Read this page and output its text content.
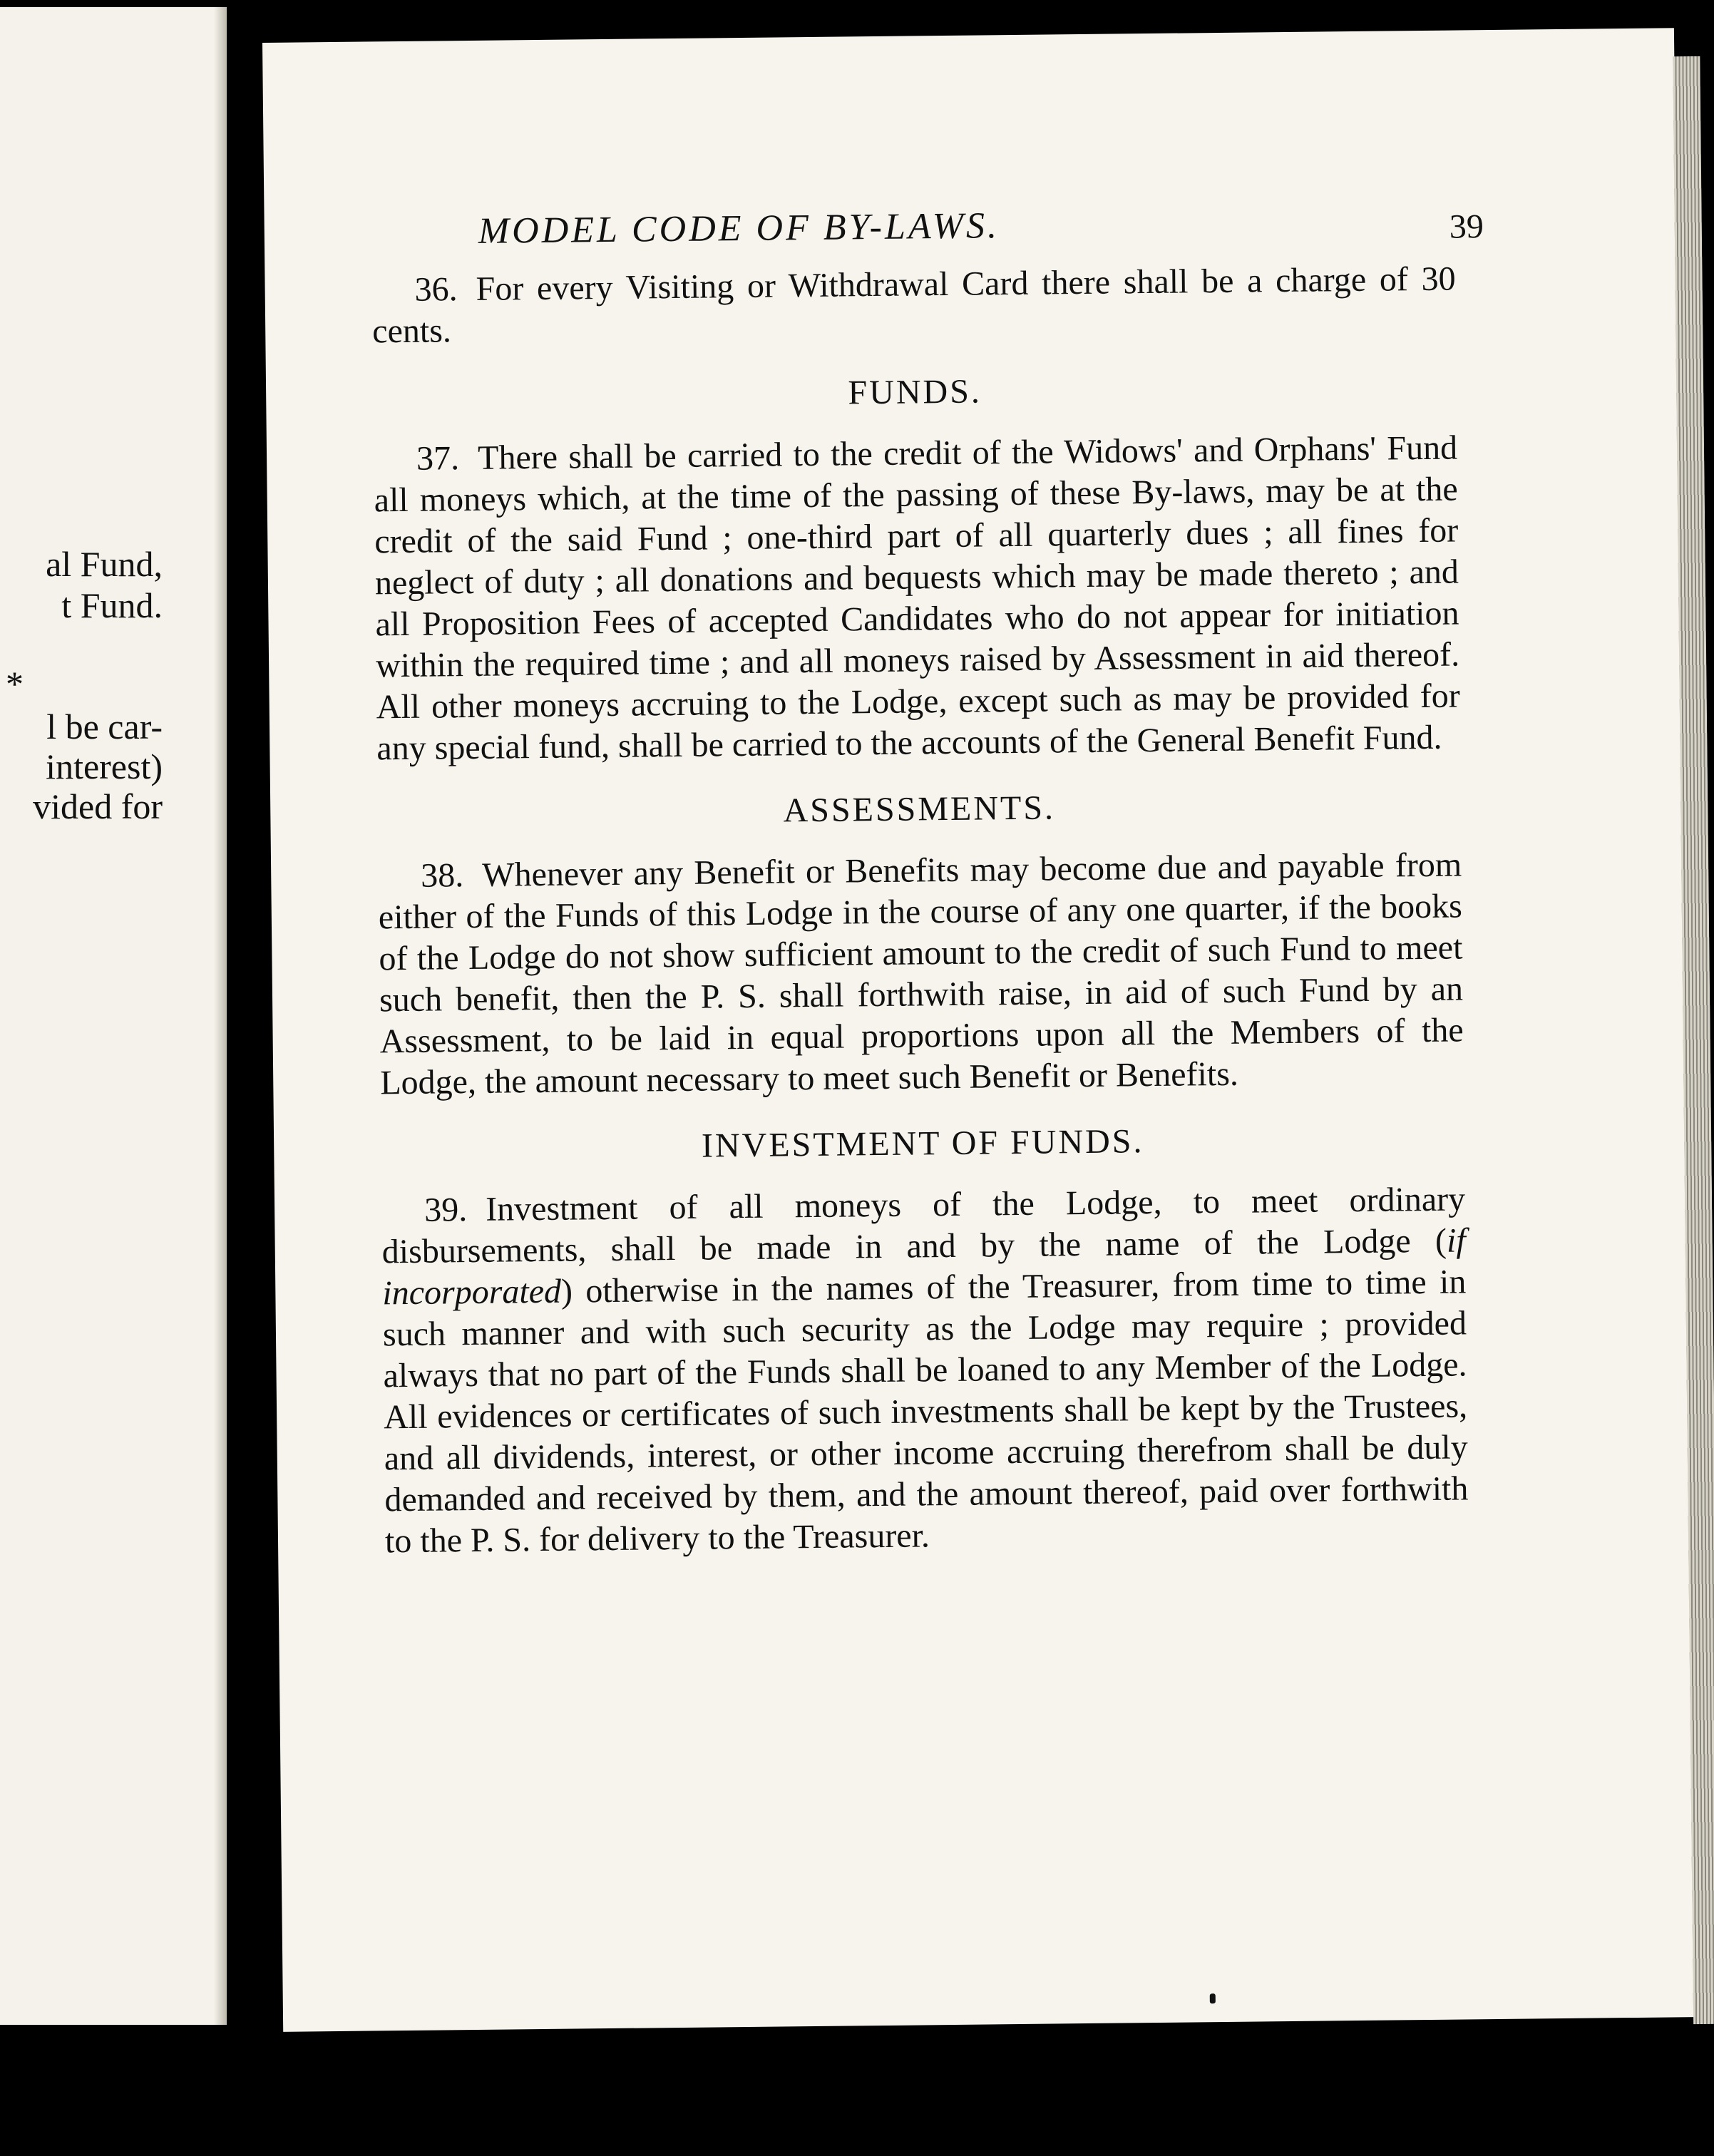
al Fund,
t Fund.
*
l be car-
interest)
vided for
MODEL CODE OF BY-LAWS.	39

36. For every Visiting or Withdrawal Card there shall be a charge of 30 cents.

FUNDS.

37. There shall be carried to the credit of the Widows' and Orphans' Fund all moneys which, at the time of the passing of these By-laws, may be at the credit of the said Fund ; one-third part of all quarterly dues ; all fines for neglect of duty ; all donations and bequests which may be made thereto ; and all Proposition Fees of accepted Candidates who do not appear for initiation within the required time ; and all moneys raised by Assessment in aid thereof. All other moneys accruing to the Lodge, except such as may be provided for any special fund, shall be carried to the accounts of the General Benefit Fund.

ASSESSMENTS.

38. Whenever any Benefit or Benefits may become due and payable from either of the Funds of this Lodge in the course of any one quarter, if the books of the Lodge do not show sufficient amount to the credit of such Fund to meet such benefit, then the P. S. shall forthwith raise, in aid of such Fund by an Assessment, to be laid in equal proportions upon all the Members of the Lodge, the amount necessary to meet such Benefit or Benefits.

INVESTMENT OF FUNDS.

39. Investment of all moneys of the Lodge, to meet ordinary disbursements, shall be made in and by the name of the Lodge (if incorporated) otherwise in the names of the Treasurer, from time to time in such manner and with such security as the Lodge may require ; provided always that no part of the Funds shall be loaned to any Member of the Lodge. All evidences or certificates of such investments shall be kept by the Trustees, and all dividends, interest, or other income accruing therefrom shall be duly demanded and received by them, and the amount thereof, paid over forthwith to the P. S. for delivery to the Treasurer.
